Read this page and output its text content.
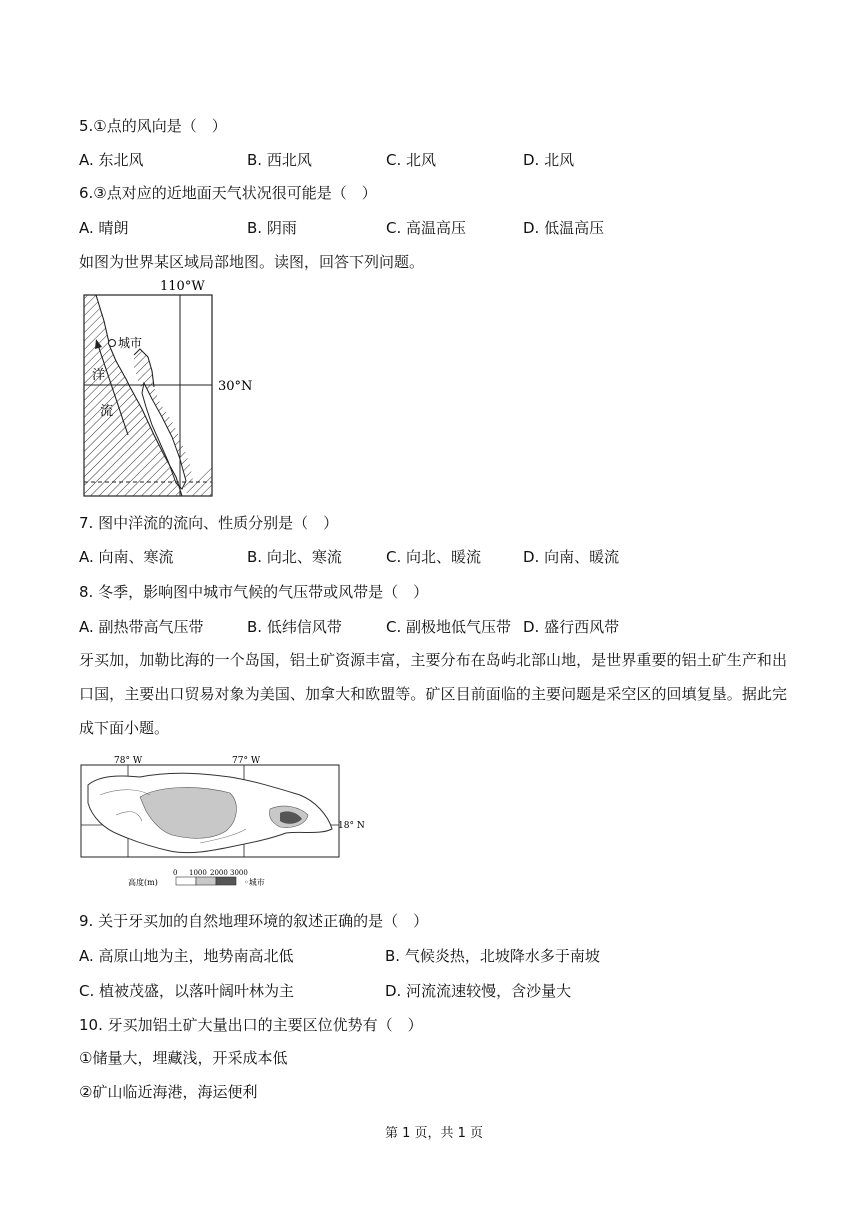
5.①点的风向是（　）
A. 东北风	B. 西北风	C. 北风	D. 北风
6.③点对应的近地面天气状况很可能是（　）
A. 晴朗	B. 阴雨	C. 高温高压	D. 低温高压
如图为世界某区域局部地图。读图，回答下列问题。
城市
洋
流
110°W
30°N
7. 图中洋流的流向、性质分别是（　）
A. 向南、寒流	B. 向北、寒流	C. 向北、暖流	D. 向南、暖流
8. 冬季，影响图中城市气候的气压带或风带是（　）
A. 副热带高气压带	B. 低纬信风带	C. 副极地低气压带 D. 盛行西风带
牙买加，加勒比海的一个岛国，铝土矿资源丰富，主要分布在岛屿北部山地，是世界重要的铝土矿生产和出口国，主要出口贸易对象为美国、加拿大和欧盟等。矿区目前面临的主要问题是采空区的回填复垦。据此完成下面小题。
78° W	77° W
18° N
高度(m)
0 1000 2000 3000
◦城市
9. 关于牙买加的自然地理环境的叙述正确的是（　）
A. 高原山地为主，地势南高北低	B. 气候炎热，北坡降水多于南坡
C. 植被茂盛，以落叶阔叶林为主	D. 河流流速较慢，含沙量大
10. 牙买加铝土矿大量出口的主要区位优势有（　）
①储量大，埋藏浅，开采成本低
②矿山临近海港，海运便利
第 1 页，共 1 页
